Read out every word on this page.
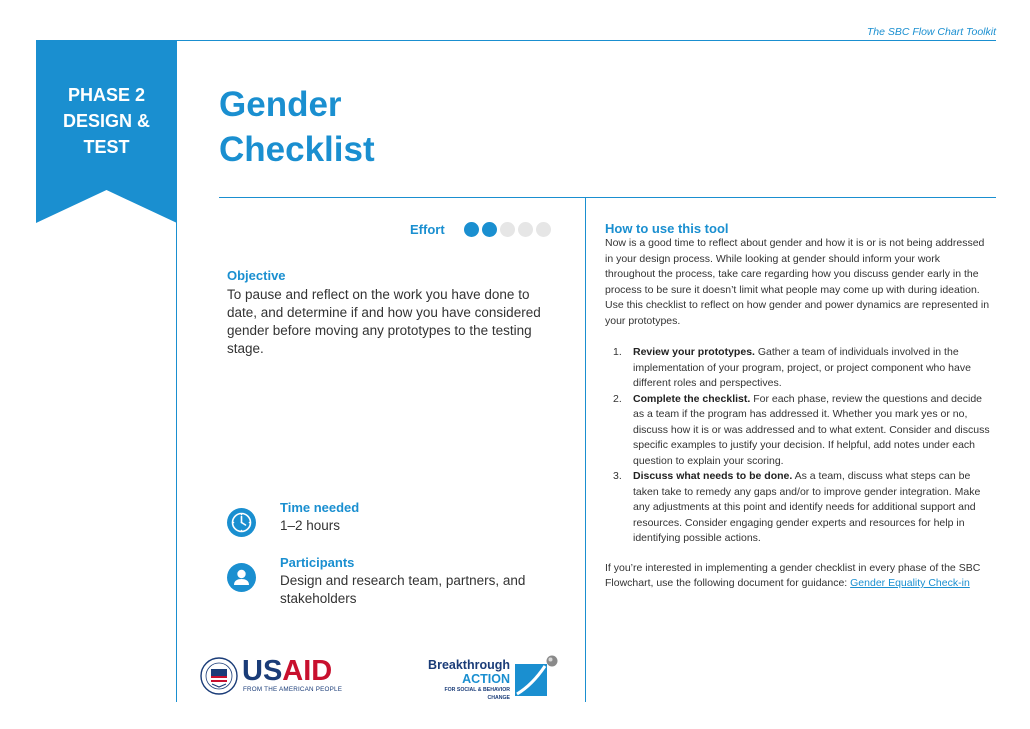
The SBC Flow Chart Toolkit
PHASE 2
DESIGN &
TEST
Gender
Checklist
Effort
Objective
To pause and reflect on the work you have done to date, and determine if and how you have considered gender before moving any prototypes to the testing stage.
Time needed
1–2 hours
Participants
Design and research team, partners, and stakeholders
USAID
FROM THE AMERICAN PEOPLE
Breakthrough
ACTION
FOR SOCIAL & BEHAVIOR CHANGE
How to use this tool

Now is a good time to reflect about gender and how it is or is not being addressed in your design process. While looking at gender should inform your work throughout the process, take care regarding how you discuss gender early in the process to be sure it doesn’t limit what people may come up with during ideation. Use this checklist to reflect on how gender and power dynamics are represented in your prototypes.

1.	Review your prototypes. Gather a team of individuals involved in the implementation of your program, project, or project component who have different roles and perspectives.
2.	Complete the checklist. For each phase, review the questions and decide as a team if the program has addressed it. Whether you mark yes or no, discuss how it is or was addressed and to what extent. Consider and discuss specific examples to justify your decision. If helpful, add notes under each question to explain your scoring.
3.	Discuss what needs to be done. As a team, discuss what steps can be taken take to remedy any gaps and/or to improve gender integration. Make any adjustments at this point and identify needs for additional support and resources. Consider engaging gender experts and resources for help in identifying possible actions.

If you’re interested in implementing a gender checklist in every phase of the SBC Flowchart, use the following document for guidance: Gender Equality Check-in
